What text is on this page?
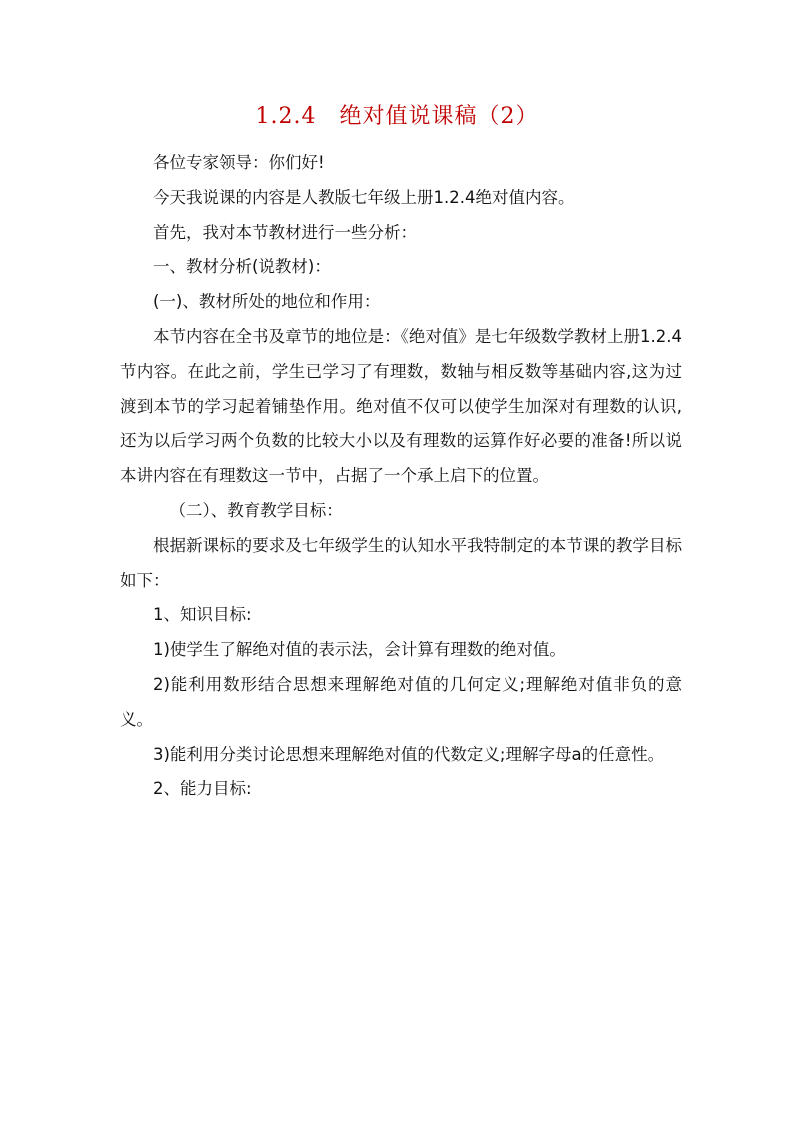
1.2.4　绝对值说课稿（2）

各位专家领导：你们好!

今天我说课的内容是人教版七年级上册1.2.4绝对值内容。

首先，我对本节教材进行一些分析：

一、教材分析(说教材)：

(一)、教材所处的地位和作用：

本节内容在全书及章节的地位是：《绝对值》是七年级数学教材上册1.2.4节内容。在此之前，学生已学习了有理数，数轴与相反数等基础内容,这为过渡到本节的学习起着铺垫作用。绝对值不仅可以使学生加深对有理数的认识,还为以后学习两个负数的比较大小以及有理数的运算作好必要的准备!所以说本讲内容在有理数这一节中，占据了一个承上启下的位置。

（二）、教育教学目标：

根据新课标的要求及七年级学生的认知水平我特制定的本节课的教学目标如下：

1、知识目标:

1)使学生了解绝对值的表示法，会计算有理数的绝对值。

2)能利用数形结合思想来理解绝对值的几何定义;理解绝对值非负的意义。

3)能利用分类讨论思想来理解绝对值的代数定义;理解字母a的任意性。

2、能力目标:
